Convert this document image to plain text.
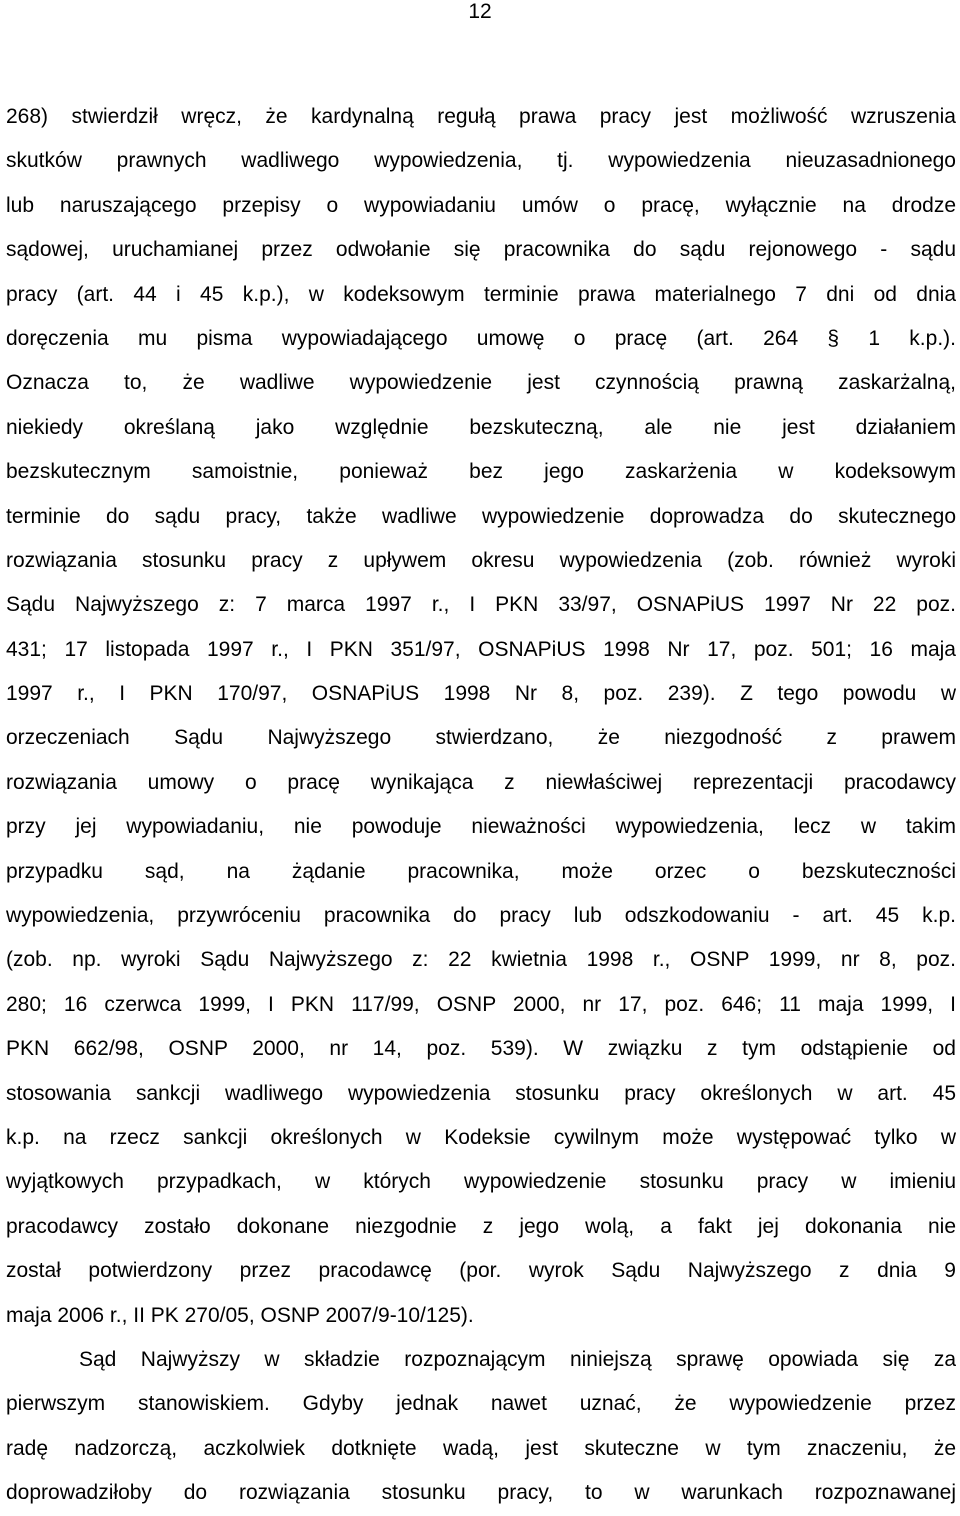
12
268) stwierdził wręcz, że kardynalną regułą prawa pracy jest możliwość wzruszenia
skutków prawnych wadliwego wypowiedzenia, tj. wypowiedzenia nieuzasadnionego
lub naruszającego przepisy o wypowiadaniu umów o pracę, wyłącznie na drodze
sądowej, uruchamianej przez odwołanie się pracownika do sądu rejonowego - sądu
pracy (art. 44 i 45 k.p.), w kodeksowym terminie prawa materialnego 7 dni od dnia
doręczenia mu pisma wypowiadającego umowę o pracę (art. 264 § 1 k.p.).
Oznacza to, że wadliwe wypowiedzenie jest czynnością prawną zaskarżalną,
niekiedy określaną jako względnie bezskuteczną, ale nie jest działaniem
bezskutecznym samoistnie, ponieważ bez jego zaskarżenia w kodeksowym
terminie do sądu pracy, także wadliwe wypowiedzenie doprowadza do skutecznego
rozwiązania stosunku pracy z upływem okresu wypowiedzenia (zob. również wyroki
Sądu Najwyższego z: 7 marca 1997 r., I PKN 33/97, OSNAPiUS 1997 Nr 22 poz.
431; 17 listopada 1997 r., I PKN 351/97, OSNAPiUS 1998 Nr 17, poz. 501; 16 maja
1997 r., I PKN 170/97, OSNAPiUS 1998 Nr 8, poz. 239). Z tego powodu w
orzeczeniach Sądu Najwyższego stwierdzano, że niezgodność z prawem
rozwiązania umowy o pracę wynikająca z niewłaściwej reprezentacji pracodawcy
przy jej wypowiadaniu, nie powoduje nieważności wypowiedzenia, lecz w takim
przypadku sąd, na żądanie pracownika, może orzec o bezskuteczności
wypowiedzenia, przywróceniu pracownika do pracy lub odszkodowaniu - art. 45 k.p.
(zob. np. wyroki Sądu Najwyższego z: 22 kwietnia 1998 r., OSNP 1999, nr 8, poz.
280; 16 czerwca 1999, I PKN 117/99, OSNP 2000, nr 17, poz. 646; 11 maja 1999, I
PKN 662/98, OSNP 2000, nr 14, poz. 539). W związku z tym odstąpienie od
stosowania sankcji wadliwego wypowiedzenia stosunku pracy określonych w art. 45
k.p. na rzecz sankcji określonych w Kodeksie cywilnym może występować tylko w
wyjątkowych przypadkach, w których wypowiedzenie stosunku pracy w imieniu
pracodawcy zostało dokonane niezgodnie z jego wolą, a fakt jej dokonania nie
został potwierdzony przez pracodawcę (por. wyrok Sądu Najwyższego z dnia 9
maja 2006 r., II PK 270/05, OSNP 2007/9-10/125).
Sąd Najwyższy w składzie rozpoznającym niniejszą sprawę opowiada się za
pierwszym stanowiskiem. Gdyby jednak nawet uznać, że wypowiedzenie przez
radę nadzorczą, aczkolwiek dotknięte wadą, jest skuteczne w tym znaczeniu, że
doprowadziłoby do rozwiązania stosunku pracy, to w warunkach rozpoznawanej
